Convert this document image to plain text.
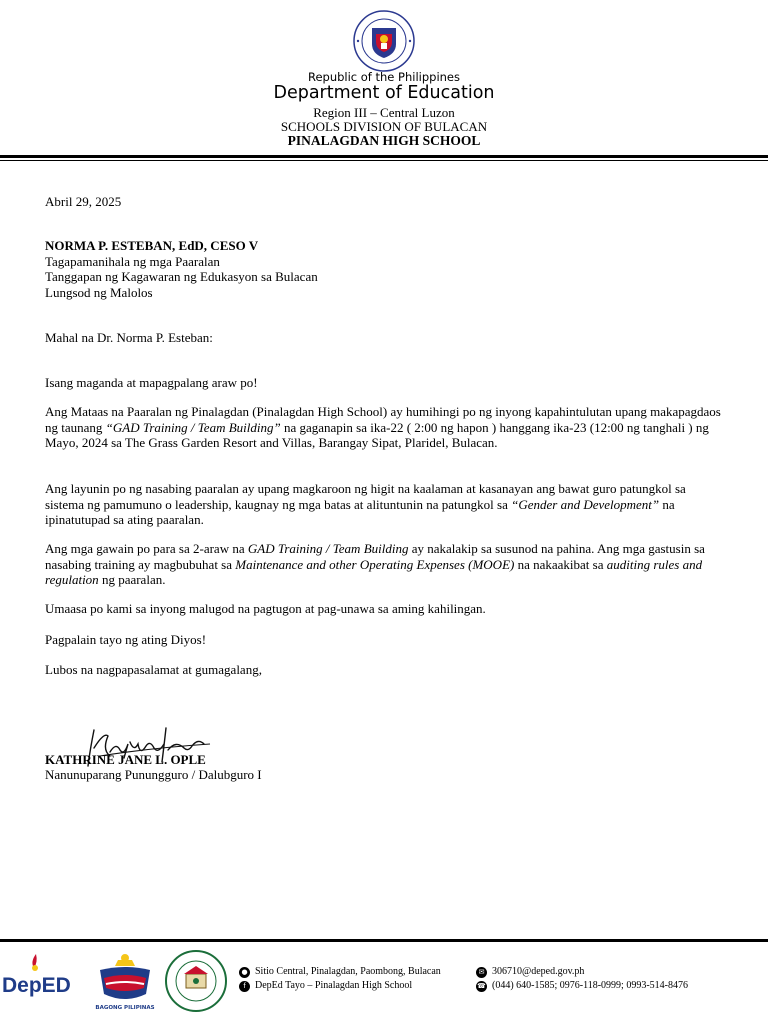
Republic of the Philippines
Department of Education
Region III – Central Luzon
SCHOOLS DIVISION OF BULACAN
PINALAGDAN HIGH SCHOOL
Abril 29, 2025

NORMA P. ESTEBAN, EdD, CESO V

Tagapamanihala ng mga Paaralan

Tanggapan ng Kagawaran ng Edukasyon sa Bulacan

Lungsod ng Malolos

Mahal na Dr. Norma P. Esteban:
Isang maganda at mapagpalang araw po!
Ang Mataas na Paaralan ng Pinalagdan (Pinalagdan High School) ay humihingi po ng inyong kapahintulutan upang makapagdaos ng taunang “GAD Training / Team Building” na gaganapin sa ika-22 ( 2:00 ng hapon ) hanggang ika-23 (12:00 ng tanghali ) ng Mayo, 2024 sa The Grass Garden Resort and Villas, Barangay Sipat, Plaridel, Bulacan.
Ang layunin po ng nasabing paaralan ay upang magkaroon ng higit na kaalaman at kasanayan ang bawat guro patungkol sa sistema ng pamumuno o leadership, kaugnay ng mga batas at alituntunin na patungkol sa “Gender and Development” na ipinatutupad sa ating paaralan.
Ang mga gawain po para sa 2-araw na GAD Training / Team Building ay nakalakip sa susunod na pahina. Ang mga gastusin sa nasabing training ay magbubuhat sa Maintenance and other Operating Expenses (MOOE) na nakaakibat sa auditing rules and regulation ng paaralan.
Umaasa po kami sa inyong malugod na pagtugon at pag-unawa sa aming kahilingan.
Pagpalain tayo ng ating Diyos!
Lubos na nagpapasalamat at gumagalang,
KATHRINE JANE L. OPLE
Nanunuparang Punungguro / Dalubguro I
DepED
BAGONG PILIPINAS
● Sitio Central, Pinalagdan, Paombong, Bulacan
f DepEd Tayo – Pinalagdan High School
✉ 306710@deped.gov.ph
☎ (044) 640-1585; 0976-118-0999; 0993-514-8476
